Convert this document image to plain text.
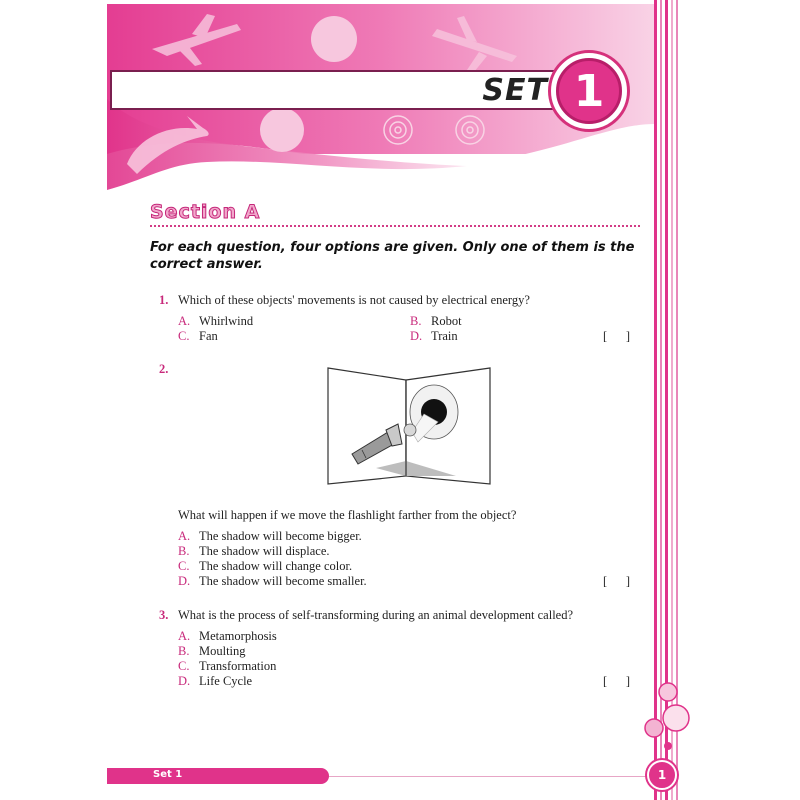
SET 1
Section A
For each question, four options are given. Only one of them is the correct answer.
1. Which of these objects' movements is not caused by electrical energy?
A. Whirlwind	B. Robot
C. Fan	D. Train	[      ]
2.
What will happen if we move the flashlight farther from the object?
A. The shadow will become bigger.
B. The shadow will displace.
C. The shadow will change color.
D. The shadow will become smaller.	[      ]
3. What is the process of self-transforming during an animal development called?
A. Metamorphosis
B. Moulting
C. Transformation
D. Life Cycle	[      ]
Set 1	1
